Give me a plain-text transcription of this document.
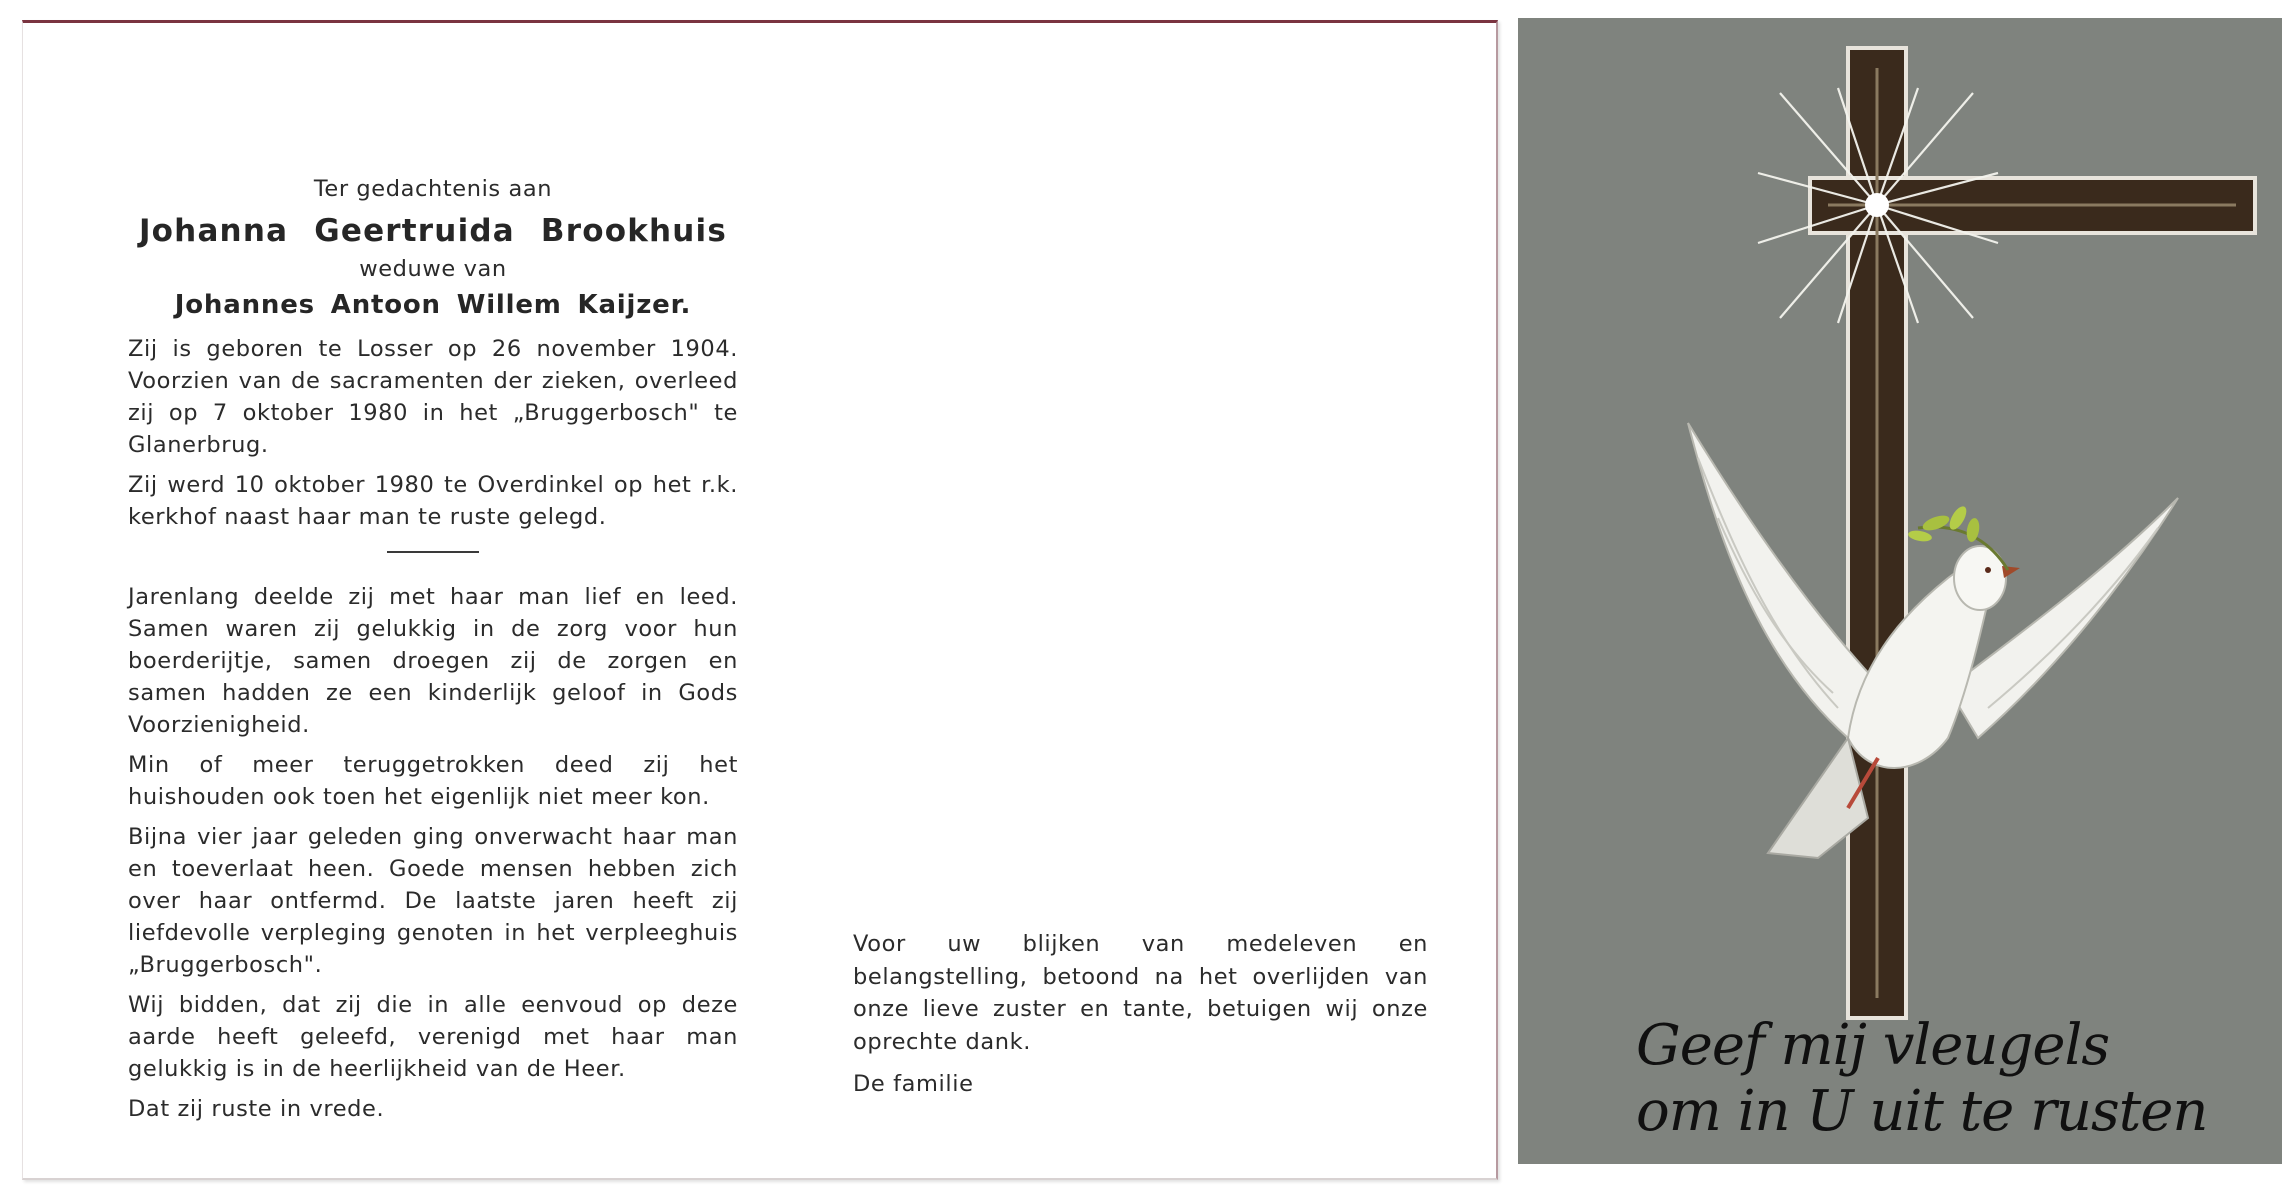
Ter gedachtenis aan
Johanna Geertruida Brookhuis
weduwe van
Johannes Antoon Willem Kaijzer.

Zij is geboren te Losser op 26 november 1904. Voorzien van de sacramenten der zieken, overleed zij op 7 oktober 1980 in het „Bruggerbosch" te Glanerbrug.

Zij werd 10 oktober 1980 te Overdinkel op het r.k. kerkhof naast haar man te ruste gelegd.

Jarenlang deelde zij met haar man lief en leed. Samen waren zij gelukkig in de zorg voor hun boerderijtje, samen droegen zij de zorgen en samen hadden ze een kinderlijk geloof in Gods Voorzienigheid.

Min of meer teruggetrokken deed zij het huishouden ook toen het eigenlijk niet meer kon.

Bijna vier jaar geleden ging onverwacht haar man en toeverlaat heen. Goede mensen hebben zich over haar ontfermd. De laatste jaren heeft zij liefdevolle verpleging genoten in het verpleeghuis „Bruggerbosch".

Wij bidden, dat zij die in alle eenvoud op deze aarde heeft geleefd, verenigd met haar man gelukkig is in de heerlijkheid van de Heer.

Dat zij ruste in vrede.

Voor uw blijken van medeleven en belangstelling, betoond na het overlijden van onze lieve zuster en tante, betuigen wij onze oprechte dank.

De familie

Geef mij vleugels
om in U uit te rusten
